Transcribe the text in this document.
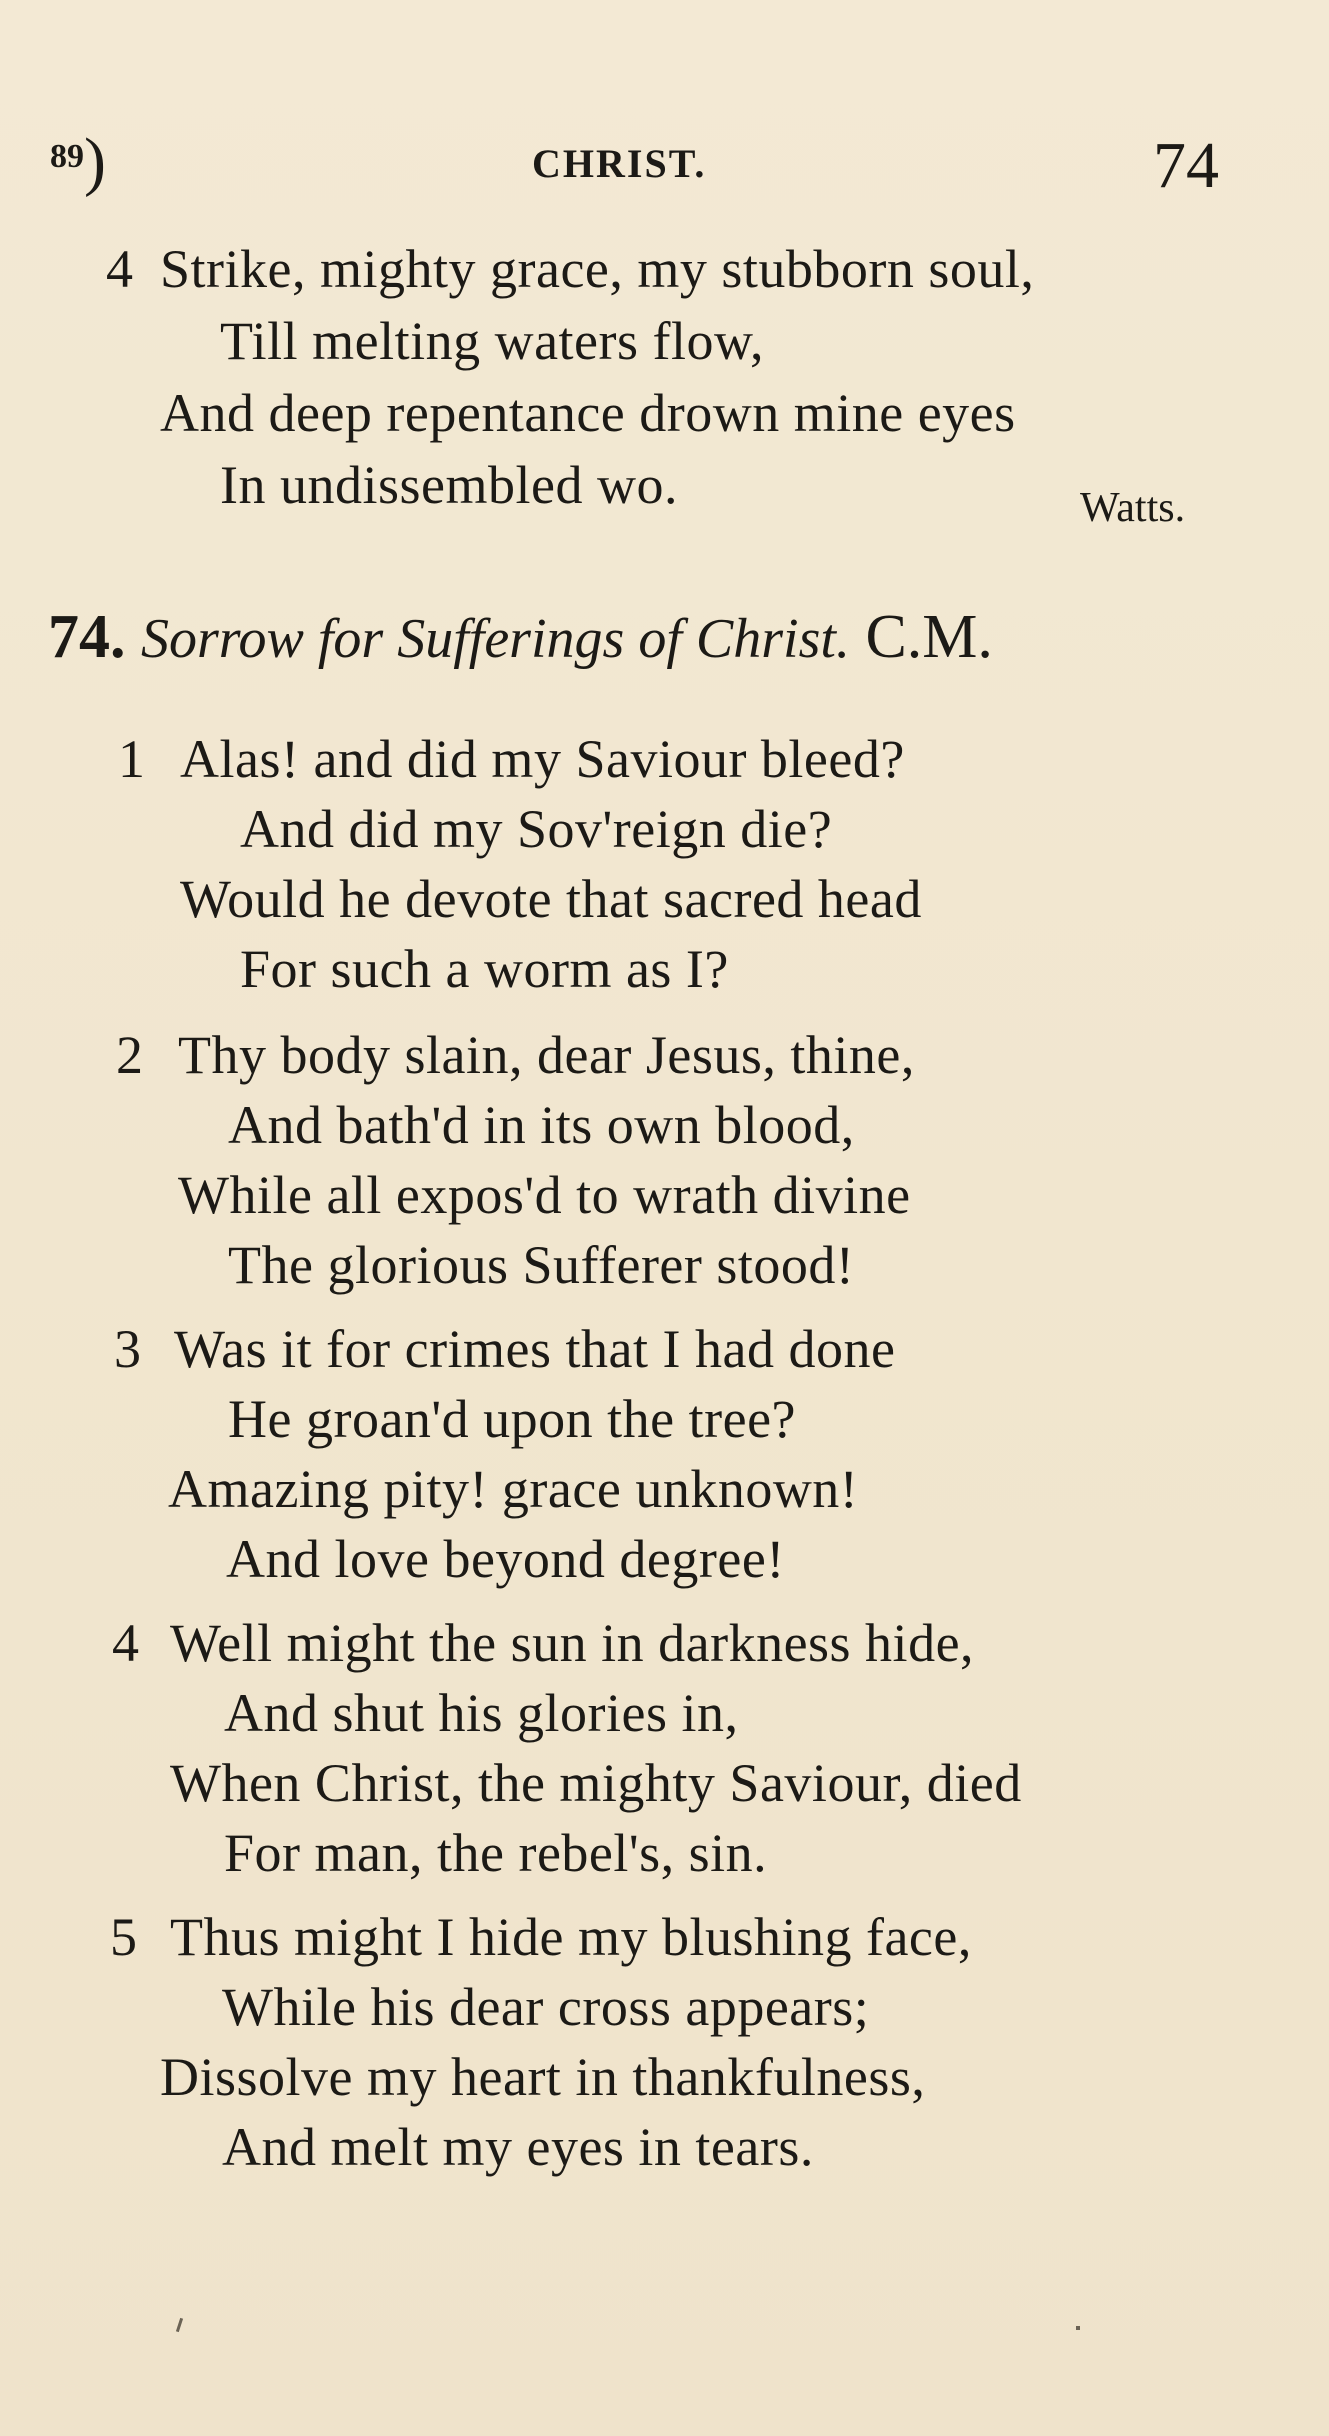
$^{89}$)	CHRIST.	74
4 Strike, mighty grace, my stubborn soul,
Till melting waters flow,
And deep repentance drown mine eyes
In undissembled wo.	Watts.
74. Sorrow for Sufferings of Christ. C.M.
1 Alas! and did my Saviour bleed?
And did my Sov'reign die?
Would he devote that sacred head
For such a worm as I?
2 Thy body slain, dear Jesus, thine,
And bath'd in its own blood,
While all expos'd to wrath divine
The glorious Sufferer stood!
3 Was it for crimes that I had done
He groan'd upon the tree?
Amazing pity! grace unknown!
And love beyond degree!
4 Well might the sun in darkness hide,
And shut his glories in,
When Christ, the mighty Saviour, died
For man, the rebel's, sin.
5 Thus might I hide my blushing face,
While his dear cross appears;
Dissolve my heart in thankfulness,
And melt my eyes in tears.
